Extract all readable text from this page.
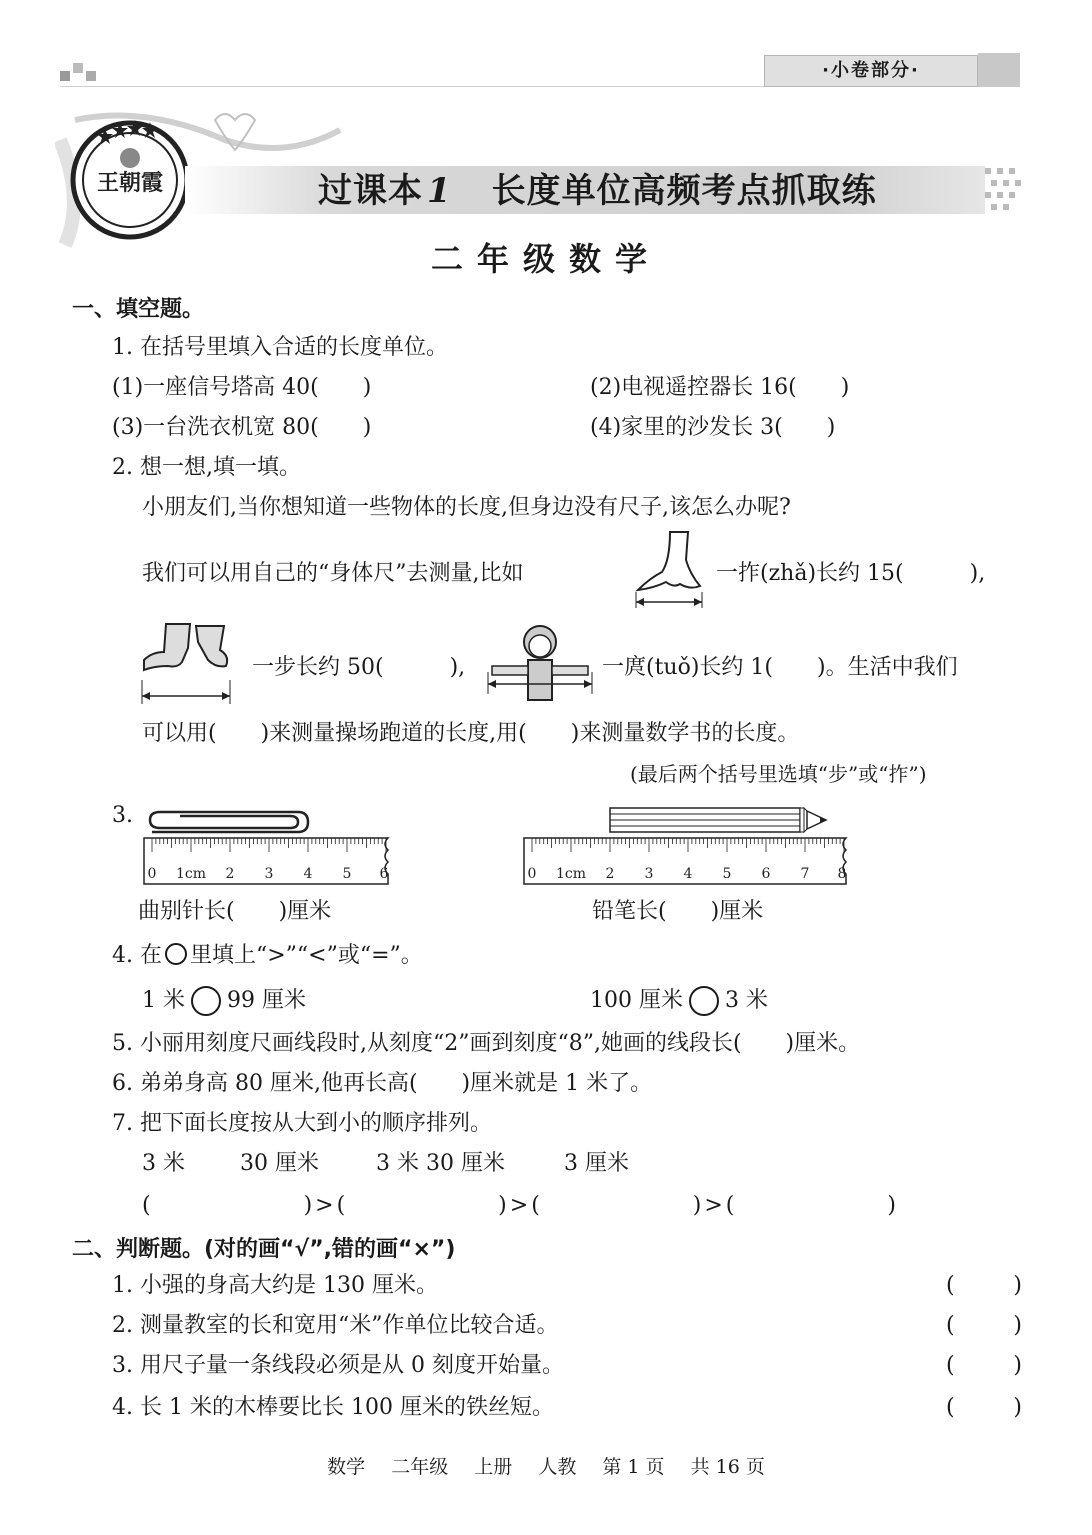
·小卷部分·
王朝霞	过课本 1 长度单位高频考点抓取练
二年级数学
一、填空题。
1. 在括号里填入合适的长度单位。
(1)一座信号塔高 40(　　)	(2)电视遥控器长 16(　　)
(3)一台洗衣机宽 80(　　)	(4)家里的沙发长 3(　　)
2. 想一想,填一填。
小朋友们,当你想知道一些物体的长度,但身边没有尺子,该怎么办呢?
我们可以用自己的“身体尺”去测量,比如	一拃(zhǎ)长约 15(　　　),
一步长约 50(　　　),	一庹(tuǒ)长约 1(　　)。生活中我们
可以用(　　)来测量操场跑道的长度,用(　　)来测量数学书的长度。
(最后两个括号里选填“步”或“拃”)
3.
0 1cm 2 3 4 5 6	0 1cm 2 3 4 5 6 7 8
曲别针长(　　)厘米	铅笔长(　　)厘米
4. 在 里填上“>”“<”或“=”。
1 米 99 厘米	100 厘米 3 米
5. 小丽用刻度尺画线段时,从刻度“2”画到刻度“8”,她画的线段长(　　)厘米。
6. 弟弟身高 80 厘米,他再长高(　　)厘米就是 1 米了。
7. 把下面长度按从大到小的顺序排列。
3 米	30 厘米	3 米 30 厘米	3 厘米
(　　　　　　)>(　　　　　　)>(　　　　　　)>(　　　　　　)
二、判断题。(对的画“√”,错的画“×”)
1. 小强的身高大约是 130 厘米。	(	)
2. 测量教室的长和宽用“米”作单位比较合适。	(	)
3. 用尺子量一条线段必须是从 0 刻度开始量。	(	)
4. 长 1 米的木棒要比长 100 厘米的铁丝短。	(	)
数学 二年级 上册 人教 第 1 页 共 16 页
